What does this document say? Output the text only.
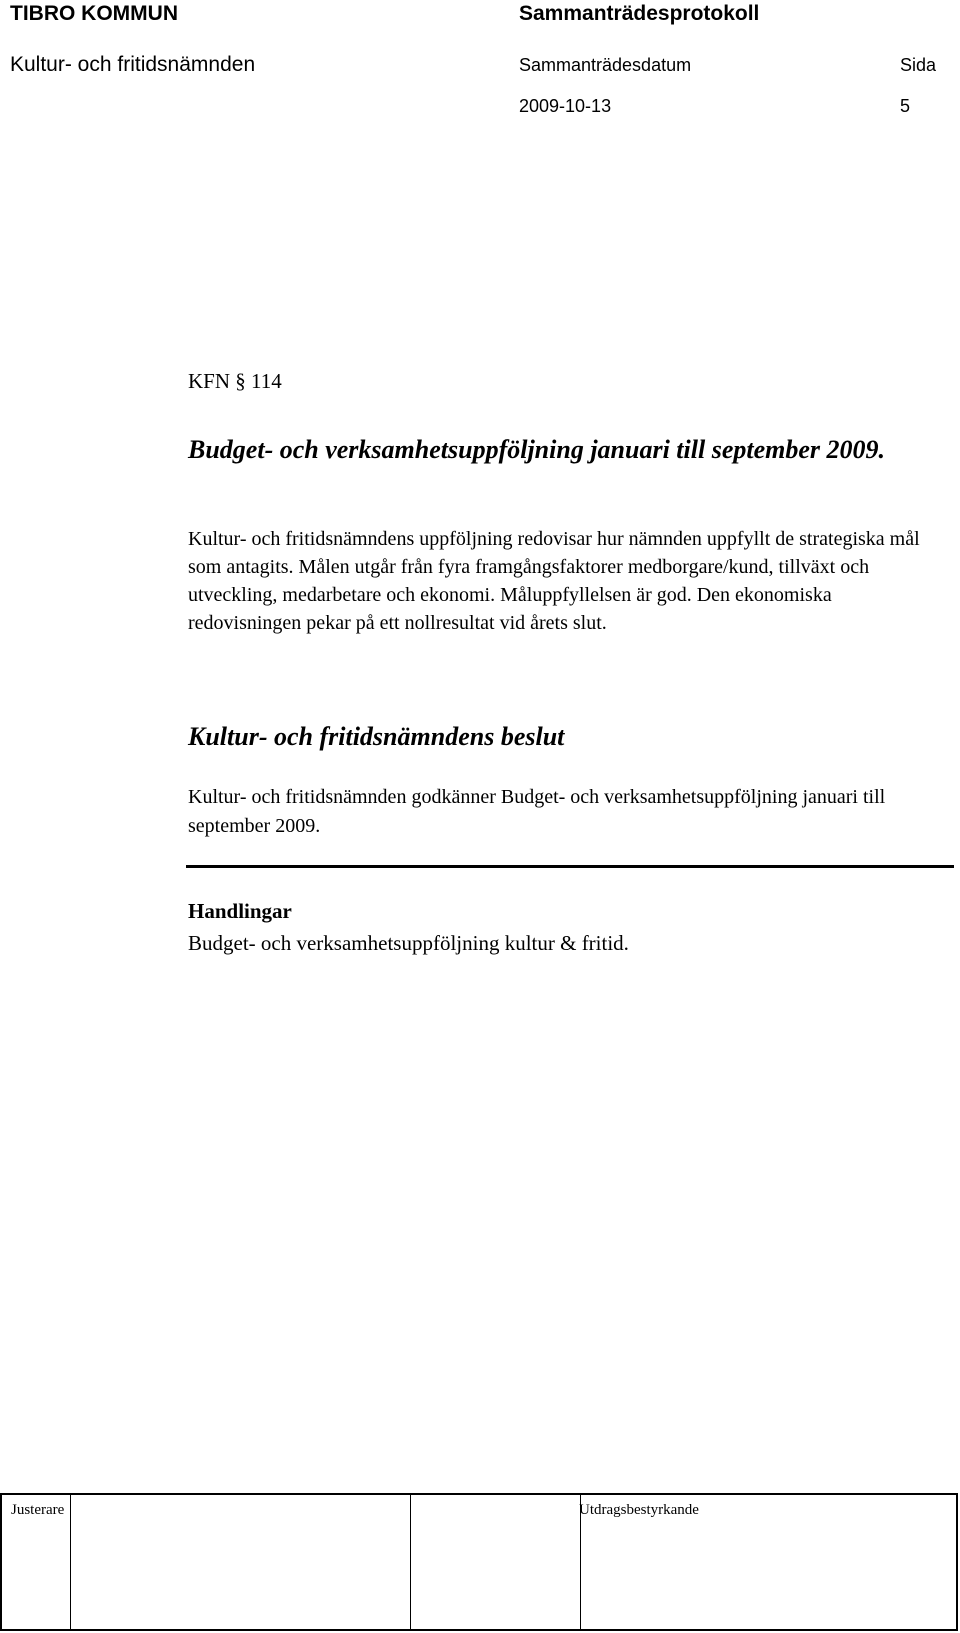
TIBRO KOMMUN	Sammanträdesprotokoll
Kultur- och fritidsnämnden	Sammanträdesdatum	Sida
2009-10-13	5
KFN § 114
Budget- och verksamhetsuppföljning januari till september 2009.
Kultur- och fritidsnämndens uppföljning redovisar hur nämnden uppfyllt de strategiska mål som antagits. Målen utgår från fyra framgångsfaktorer medborgare/kund, tillväxt och utveckling, medarbetare och ekonomi. Måluppfyllelsen är god. Den ekonomiska redovisningen pekar på ett nollresultat vid årets slut.
Kultur- och fritidsnämndens beslut
Kultur- och fritidsnämnden godkänner Budget- och verksamhetsuppföljning januari till september 2009.
Handlingar
Budget- och verksamhetsuppföljning kultur & fritid.
Justerare	Utdragsbestyrkande
